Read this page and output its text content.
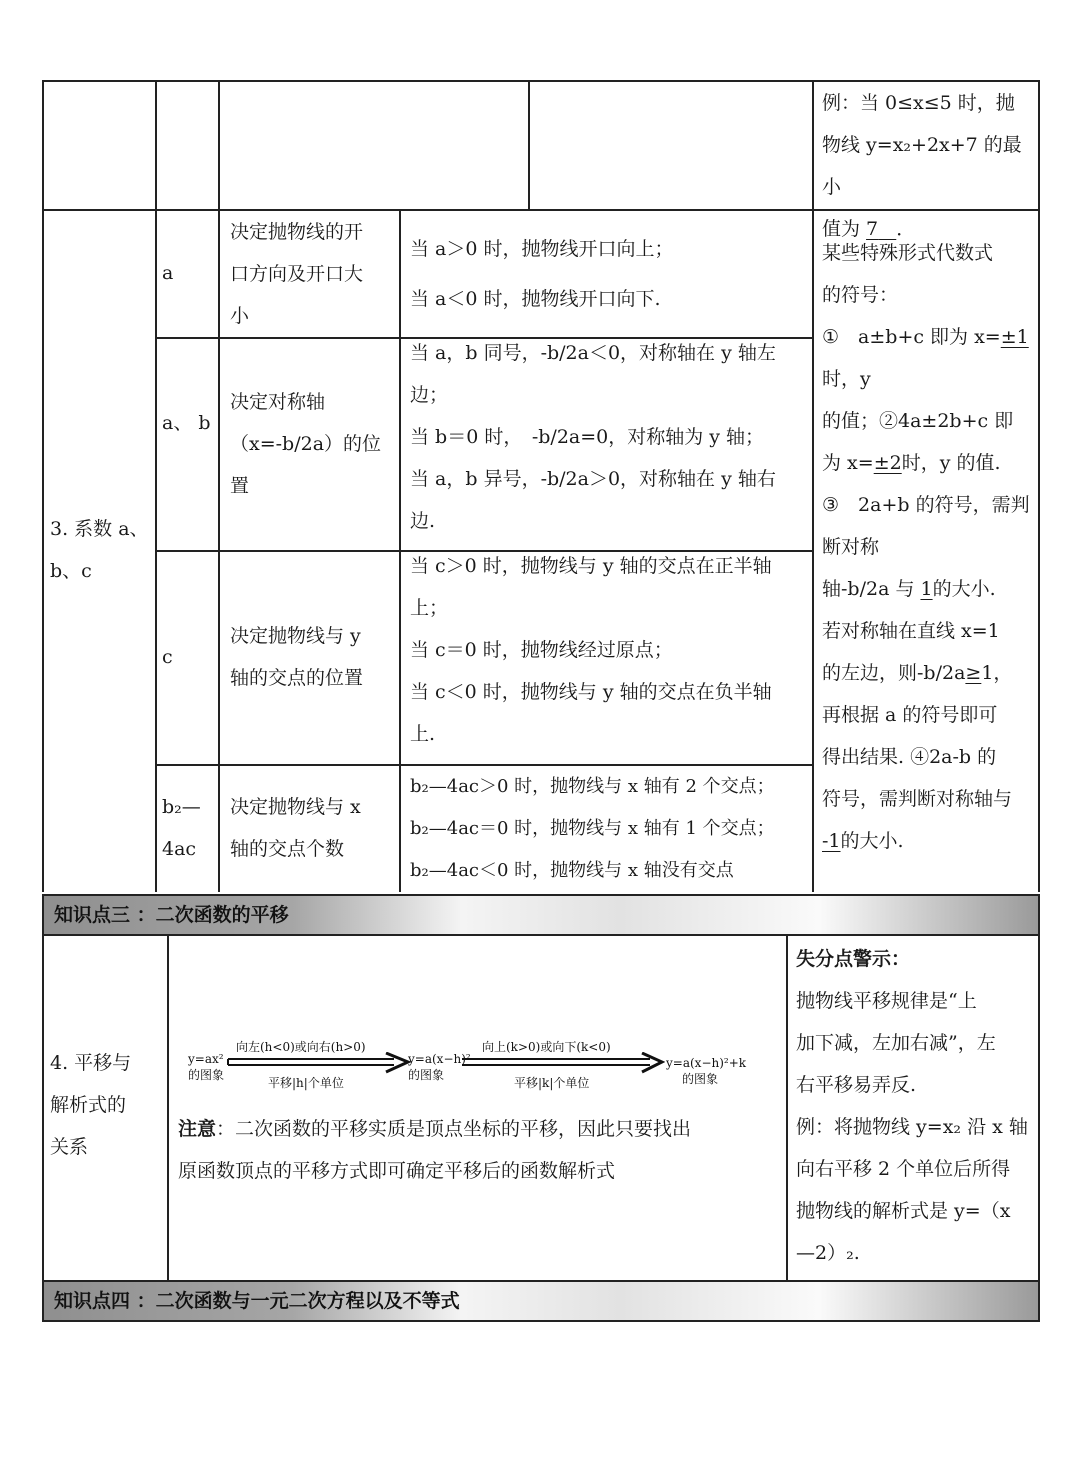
例：当 0≤x≤5 时，抛

物线 y=x₂+2x+7 的最小

值为 7 ．

3. 系数 a、

b、c

a

决定抛物线的开

口方向及开口大

小

当 a＞0 时，抛物线开口向上；

当 a＜0 时，抛物线开口向下.

a、 b

决定对称轴

（x=-b/2a）的位

置

当 a，b 同号，-b/2a＜0，对称轴在 y 轴左

边；

当 b＝0 时，　-b/2a=0，对称轴为 y 轴；

当 a，b 异号，-b/2a＞0，对称轴在 y 轴右

边.

c

决定抛物线与 y

轴的交点的位置

当 c＞0 时，抛物线与 y 轴的交点在正半轴

上；

当 c＝0 时，抛物线经过原点；

当 c＜0 时，抛物线与 y 轴的交点在负半轴

上.

b₂—

4ac

决定抛物线与 x

轴的交点个数

b₂—4ac＞0 时，抛物线与 x 轴有 2 个交点；

b₂—4ac＝0 时，抛物线与 x 轴有 1 个交点；

b₂—4ac＜0 时，抛物线与 x 轴没有交点

某些特殊形式代数式

的符号：

①　a±b+c 即为 x=±1

时，y

的值；②4a±2b+c 即

为 x=±2时，y 的值.

③　2a+b 的符号，需判

断对称

轴-b/2a 与 1的大小.

若对称轴在直线 x=1

的左边，则-b/2a≥1，

再根据 a 的符号即可

得出结果. ④2a-b 的

符号，需判断对称轴与

-1的大小.

知识点三 ：二次函数的平移

4. 平移与

解析式的

关系

y=ax²
的图象
向左(h<0)或向右(h>0)
平移|h|个单位
y=a(x−h)²
的图象
向上(k>0)或向下(k<0)
平移|k|个单位
y=a(x−h)²+k
的图象

注意：二次函数的平移实质是顶点坐标的平移，因此只要找出

原函数顶点的平移方式即可确定平移后的函数解析式

失分点警示：

抛物线平移规律是“上

加下减，左加右减”，左

右平移易弄反.

例：将抛物线 y=x₂ 沿 x 轴

向右平移 2 个单位后所得

抛物线的解析式是 y=（x

—2）₂.

知识点四 ：二次函数与一元二次方程以及不等式
